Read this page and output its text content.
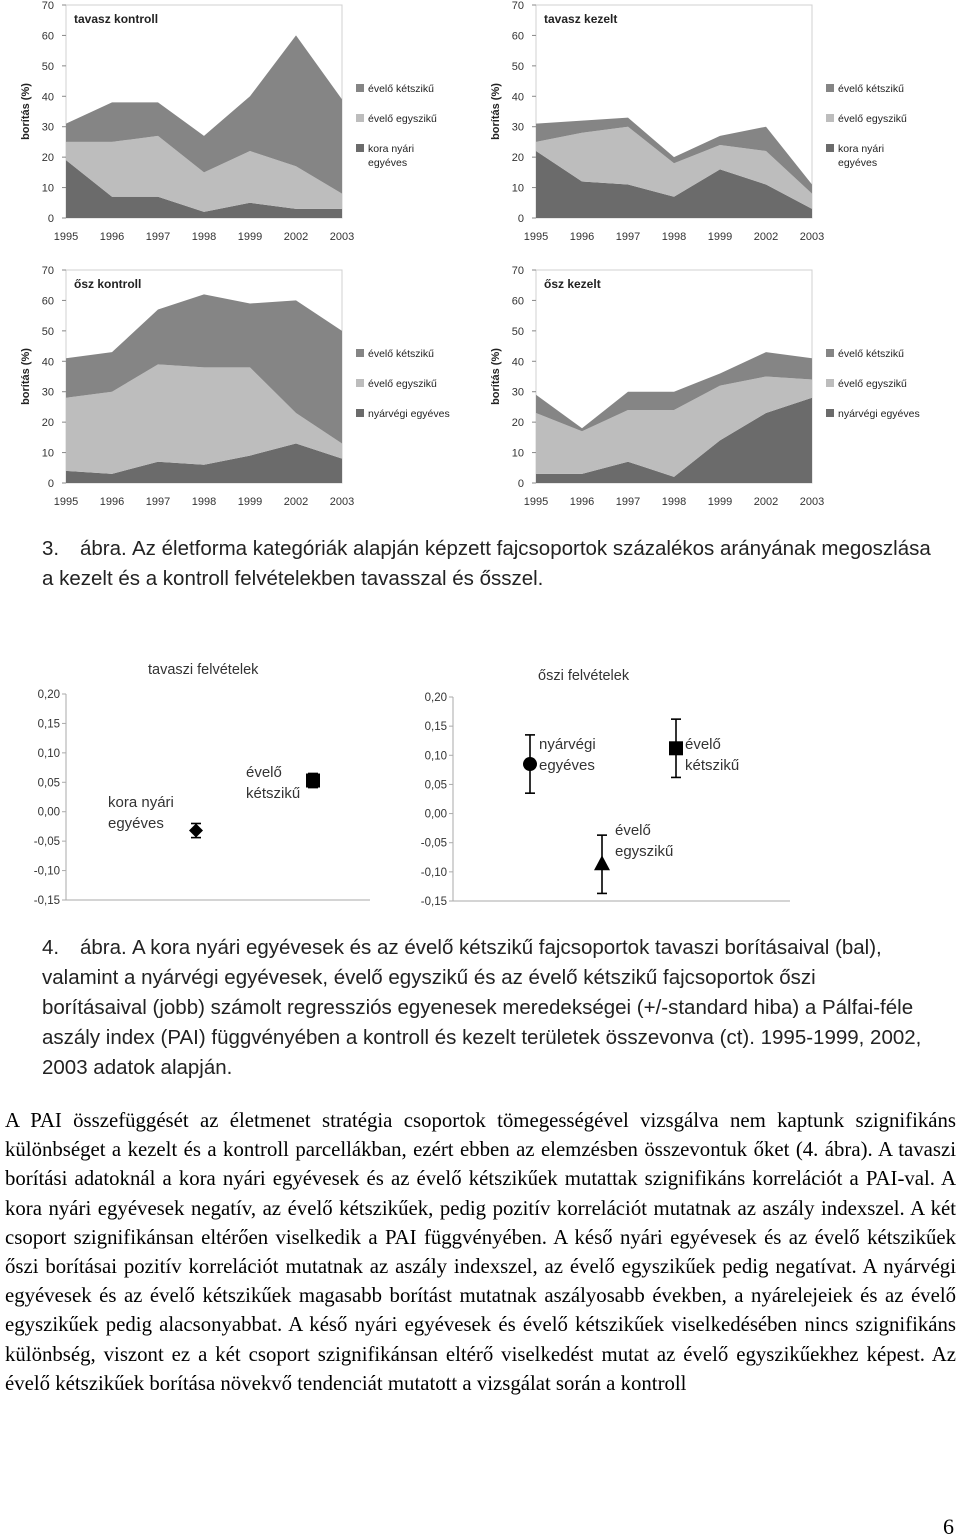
0
10
20
30
40
50
60
70
1995 1996 1997 1998 1999 2002 2003
borítás (%)
tavasz kontroll
évelő kétszikű
évelő egyszikű
kora nyári
egyéves
0
10
20
30
40
50
60
70
1995 1996 1997 1998 1999 2002 2003
borítás (%)
tavasz kezelt
évelő kétszikű
évelő egyszikű
kora nyári
egyéves
0
10
20
30
40
50
60
70
1995 1996 1997 1998 1999 2002 2003
borítás (%)
ősz kontroll
évelő kétszikű
évelő egyszikű
nyárvégi egyéves
0
10
20
30
40
50
60
70
1995 1996 1997 1998 1999 2002 2003
borítás (%)
ősz kezelt
évelő kétszikű
évelő egyszikű
nyárvégi egyéves
3. ábra. Az életforma kategóriák alapján képzett fajcsoportok százalékos arányának megoszlása a kezelt és a kontroll felvételekben tavasszal és ősszel.
0,20
0,15
0,10
0,05
0,00
-0,05
-0,10
-0,15
tavaszi felvételek
kora nyári
egyéves
évelő
kétszikű
0,20
0,15
0,10
0,05
0,00
-0,05
-0,10
-0,15
őszi felvételek
nyárvégi
egyéves
évelő
egyszikű
évelő
kétszikű
4. ábra. A kora nyári egyévesek és az évelő kétszikű fajcsoportok tavaszi borításaival (bal), valamint a nyárvégi egyévesek, évelő egyszikű és az évelő kétszikű fajcsoportok őszi borításaival (jobb) számolt regressziós egyenesek meredekségei (+/-standard hiba) a Pálfai-féle aszály index (PAI) függvényében a kontroll és kezelt területek összevonva (ct). 1995-1999, 2002, 2003 adatok alapján.
A PAI összefüggését az életmenet stratégia csoportok tömegességével vizsgálva nem kaptunk szignifikáns különbséget a kezelt és a kontroll parcellákban, ezért ebben az elemzésben összevontuk őket (4. ábra). A tavaszi borítási adatoknál a kora nyári egyévesek és az évelő kétszikűek mutattak szignifikáns korrelációt a PAI-val. A kora nyári egyévesek negatív, az évelő kétszikűek, pedig pozitív korrelációt mutatnak az aszály indexszel. A két csoport szignifikánsan eltérően viselkedik a PAI függvényében. A késő nyári egyévesek és az évelő kétszikűek őszi borításai pozitív korrelációt mutatnak az aszály indexszel, az évelő egyszikűek pedig negatívat. A nyárvégi egyévesek és az évelő kétszikűek magasabb borítást mutatnak aszályosabb években, a nyárelejeiek és az évelő egyszikűek pedig alacsonyabbat. A késő nyári egyévesek és évelő kétszikűek viselkedésében nincs szignifikáns különbség, viszont ez a két csoport szignifikánsan eltérő viselkedést mutat az évelő egyszikűekhez képest. Az évelő kétszikűek borítása növekvő tendenciát mutatott a vizsgálat során a kontroll
6
